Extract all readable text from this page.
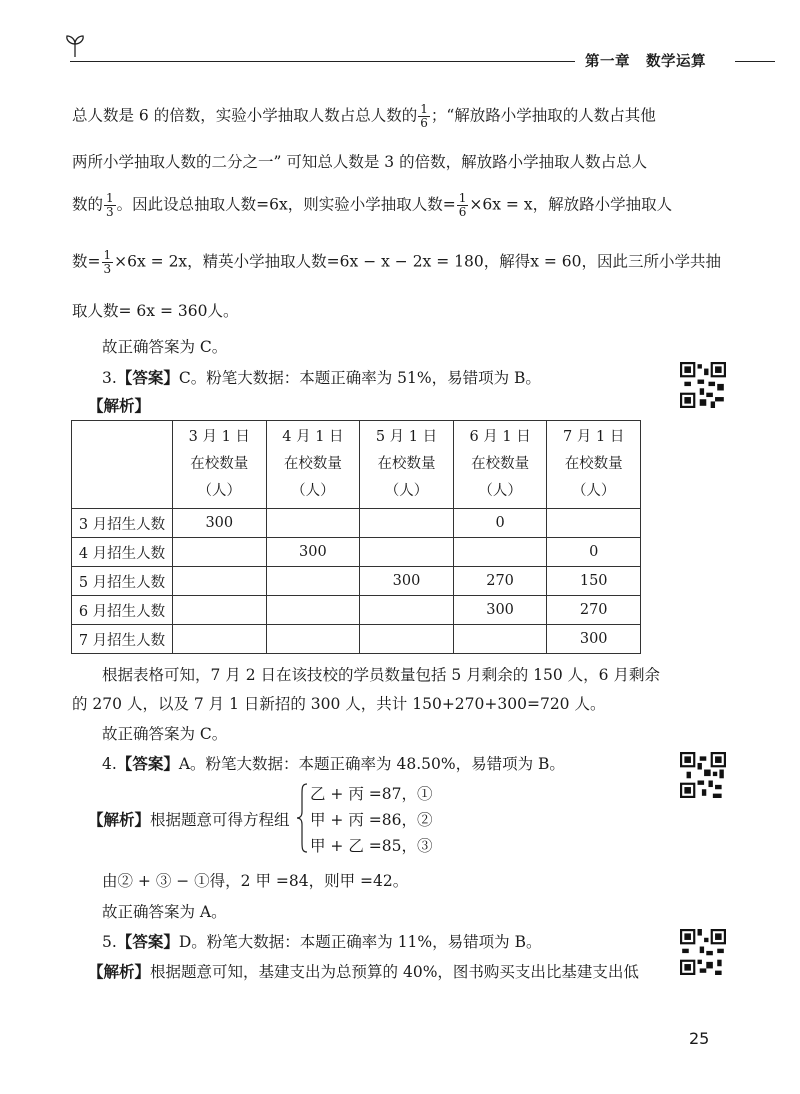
第一章 数学运算
总人数是 6 的倍数，实验小学抽取人数占总人数的 $\frac{1}{6}$ ；“解放路小学抽取的人数占其他
两所小学抽取人数的二分之一” 可知总人数是 3 的倍数，解放路小学抽取人数占总人
数的 $\frac{1}{3}$ 。因此设总抽取人数=6x，则实验小学抽取人数= $\frac{1}{6} \times 6x = x$，解放路小学抽取人
数= $\frac{1}{3} \times 6x = 2x$，精英小学抽取人数=6x − x − 2x = 180，解得x = 60，因此三所小学共抽
取人数= 6x = 360人。
故正确答案为 C。
3.【答案】C。粉笔大数据：本题正确率为 51%，易错项为 B。
【解析】
	3 月 1 日
在校数量
（人）	4 月 1 日
在校数量
（人）	5 月 1 日
在校数量
（人）	6 月 1 日
在校数量
（人）	7 月 1 日
在校数量
（人）
3 月招生人数	300			0	
4 月招生人数		300			0
5 月招生人数			300	270	150
6 月招生人数				300	270
7 月招生人数					300
根据表格可知，7 月 2 日在该技校的学员数量包括 5 月剩余的 150 人，6 月剩余
的 270 人，以及 7 月 1 日新招的 300 人，共计 150+270+300=720 人。
故正确答案为 C。
4.【答案】A。粉笔大数据：本题正确率为 48.50%，易错项为 B。
【解析】根据题意可得方程组
乙 + 丙 =87，①
甲 + 丙 =86，②
甲 + 乙 =85，③
由② + ③ − ①得，2 甲 =84，则甲 =42。
故正确答案为 A。
5.【答案】D。粉笔大数据：本题正确率为 11%，易错项为 B。
【解析】根据题意可知，基建支出为总预算的 40%，图书购买支出比基建支出低
25
